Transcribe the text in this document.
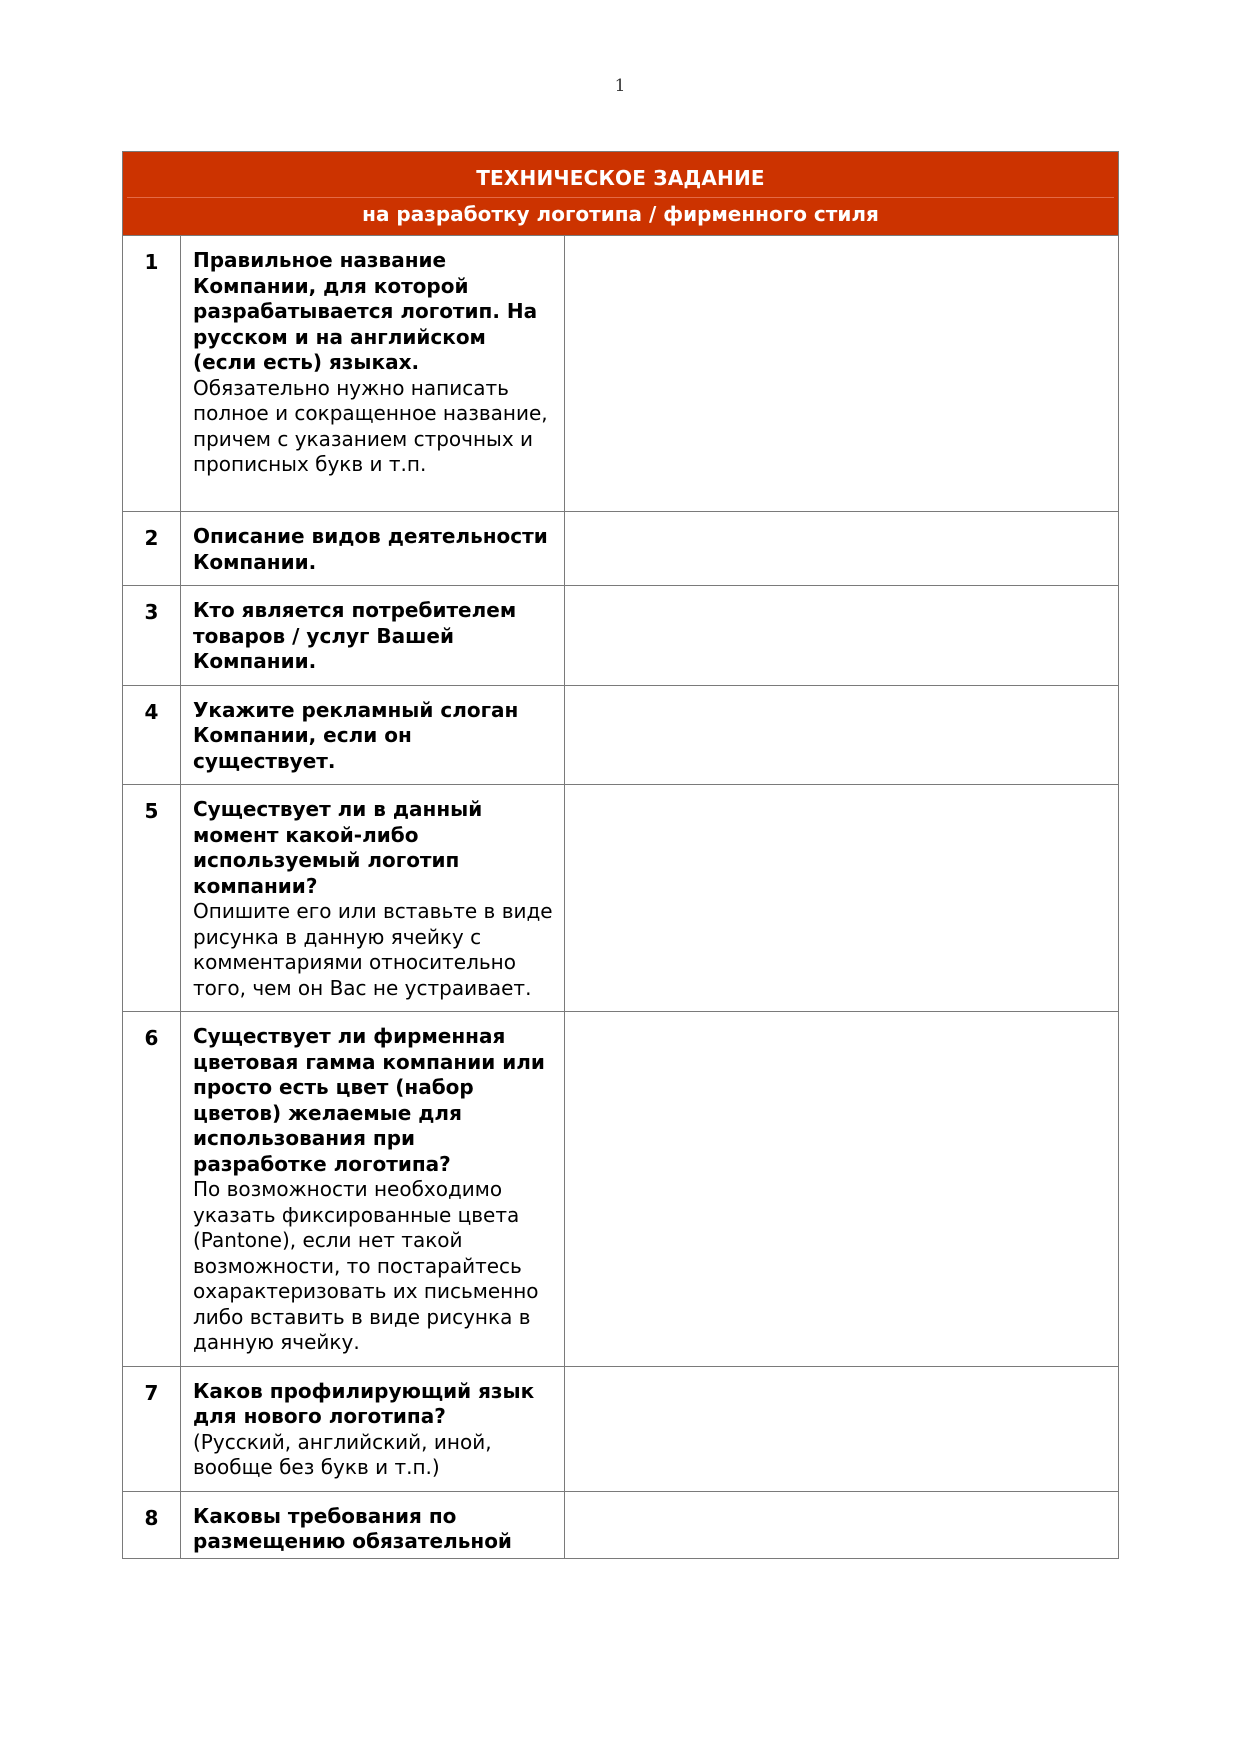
1
ТЕХНИЧЕСКОЕ ЗАДАНИЕ
на разработку логотипа / фирменного стиля		

1	Правильное название Компании, для которой разрабатывается логотип. На русском и на английском (если есть) языках.
Обязательно нужно написать полное и сокращенное название, причем с указанием строчных и прописных букв и т.п.	

2	Описание видов деятельности Компании.	
3	Кто является потребителем товаров / услуг Вашей Компании.	
4	Укажите рекламный слоган Компании, если он существует.	
5	Существует ли в данный момент какой-либо используемый логотип компании?
Опишите его или вставьте в виде рисунка в данную ячейку с комментариями относительно того, чем он Вас не устраивает.	

6	Существует ли фирменная цветовая гамма компании или просто есть цвет (набор цветов) желаемые для использования при разработке логотипа?
По возможности необходимо указать фиксированные цвета (Pantone), если нет такой возможности, то постарайтесь охарактеризовать их письменно либо вставить в виде рисунка в данную ячейку.	

7	Каков профилирующий язык для нового логотипа?
(Русский, английский, иной, вообще без букв и т.п.)	

8	Каковы требования по размещению обязательной	
